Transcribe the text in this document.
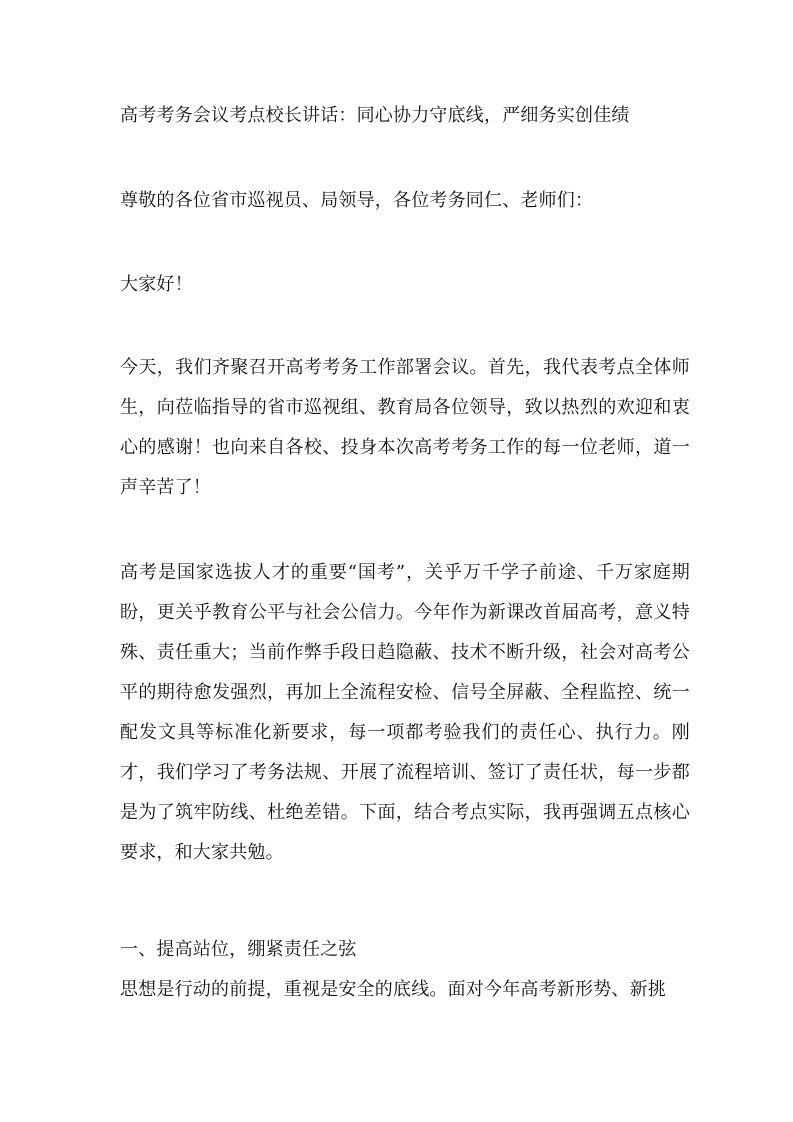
高考考务会议考点校长讲话：同心协力守底线，严细务实创佳绩

尊敬的各位省市巡视员、局领导，各位考务同仁、老师们：

大家好！

今天，我们齐聚召开高考考务工作部署会议。首先，我代表考点全体师生，向莅临指导的省市巡视组、教育局各位领导，致以热烈的欢迎和衷心的感谢！也向来自各校、投身本次高考考务工作的每一位老师，道一声辛苦了！

高考是国家选拔人才的重要“国考”，关乎万千学子前途、千万家庭期盼，更关乎教育公平与社会公信力。今年作为新课改首届高考，意义特殊、责任重大；当前作弊手段日趋隐蔽、技术不断升级，社会对高考公平的期待愈发强烈，再加上全流程安检、信号全屏蔽、全程监控、统一配发文具等标准化新要求，每一项都考验我们的责任心、执行力。刚才，我们学习了考务法规、开展了流程培训、签订了责任状，每一步都是为了筑牢防线、杜绝差错。下面，结合考点实际，我再强调五点核心要求，和大家共勉。

一、提高站位，绷紧责任之弦

思想是行动的前提，重视是安全的底线。面对今年高考新形势、新挑
